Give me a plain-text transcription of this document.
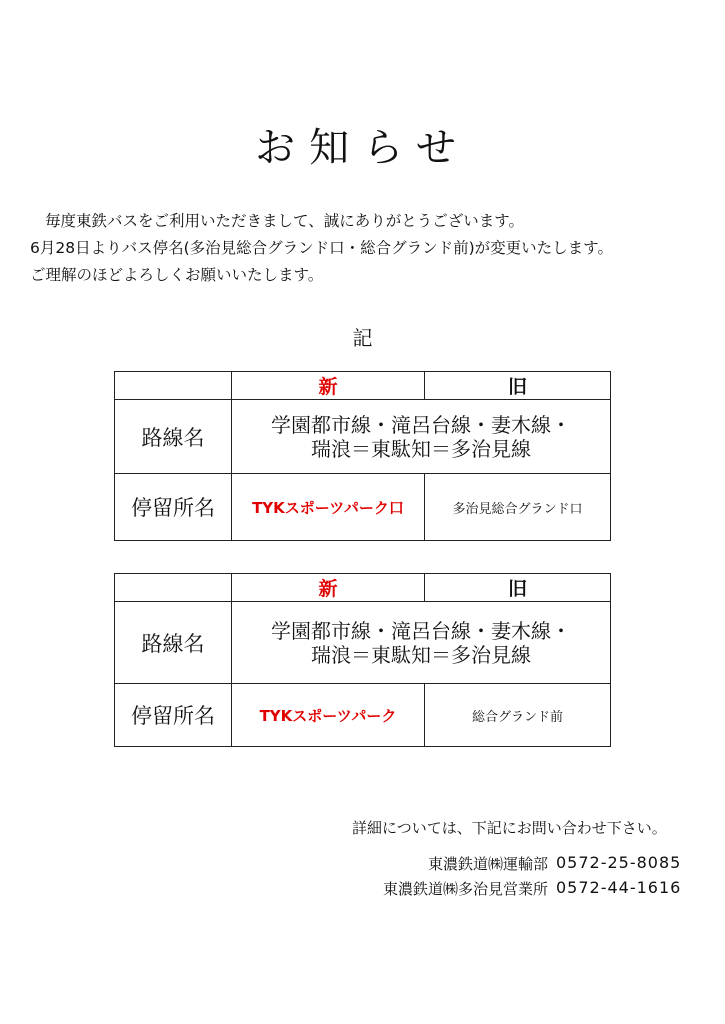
お知らせ
毎度東鉄バスをご利用いただきまして、誠にありがとうございます。
6月28日よりバス停名(多治見総合グランド口・総合グランド前)が変更いたします。
ご理解のほどよろしくお願いいたします。
記
	新	旧
路線名	学園都市線・滝呂台線・妻木線・
瑞浪＝東駄知＝多治見線	

停留所名	TYKスポーツパーク口	多治見総合グランド口
	新	旧
路線名	学園都市線・滝呂台線・妻木線・
瑞浪＝東駄知＝多治見線	

停留所名	TYKスポーツパーク	総合グランド前
詳細については、下記にお問い合わせ下さい。
東濃鉄道㈱運輸部 0572-25-8085
東濃鉄道㈱多治見営業所 0572-44-1616
